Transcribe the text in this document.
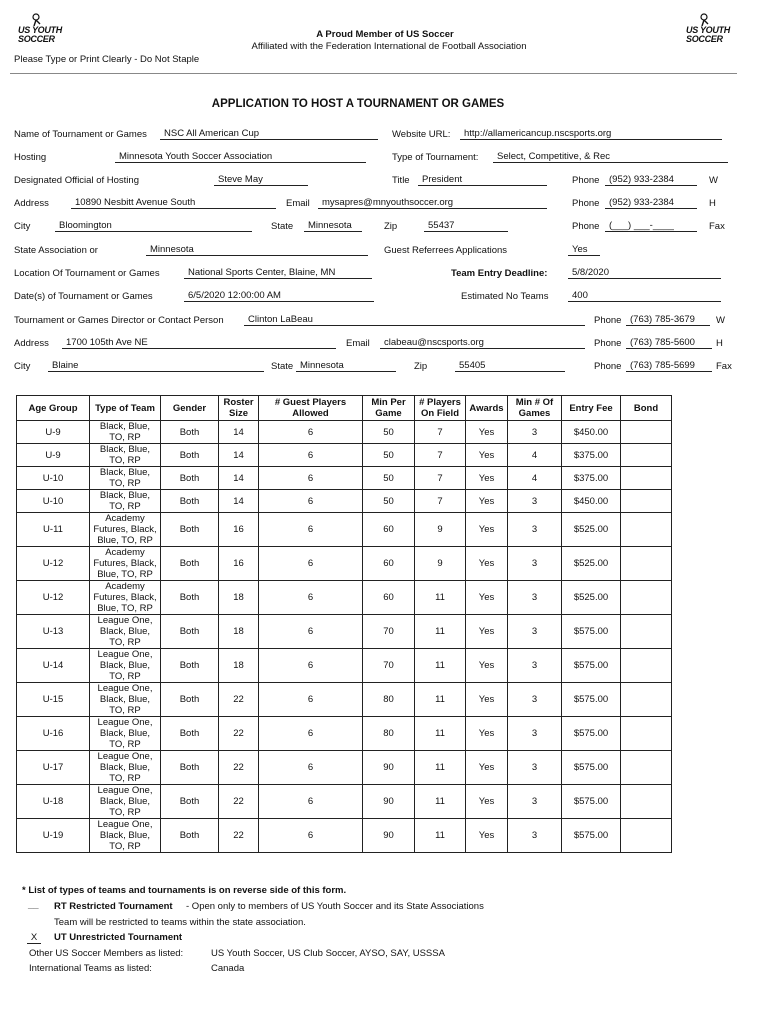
US YOUTH SOCCER
US YOUTH SOCCER
A Proud Member of US Soccer
Affiliated with the Federation International de Football Association
Please Type or Print Clearly - Do Not Staple
APPLICATION TO HOST A TOURNAMENT OR GAMES
Name of Tournament or Games	NSC All American Cup	Website URL:	http://allamericancup.nscsports.org
Hosting	Minnesota Youth Soccer Association	Type of Tournament:	Select, Competitive, & Rec
Designated Official of Hosting	Steve May	Title	President	Phone	(952) 933-2384	W
Address	10890 Nesbitt Avenue South	Email	mysapres@mnyouthsoccer.org	Phone	(952) 933-2384	H
City	Bloomington	State	Minnesota	Zip	55437	Phone	(___) ___-____	Fax
State Association or	Minnesota	Guest Referrees Applications	Yes
Location Of Tournament or Games	National Sports Center, Blaine, MN	Team Entry Deadline:	5/8/2020
Date(s) of Tournament or Games	6/5/2020 12:00:00 AM	Estimated No Teams	400
Tournament or Games Director or Contact Person	Clinton LaBeau	Phone (763) 785-3679	W
Address	1700 105th Ave NE	Email	clabeau@nscsports.org	Phone (763) 785-5600	H
City	Blaine	State Minnesota	Zip	55405	Phone (763) 785-5699	Fax
Age Group	Type of Team	Gender	Roster Size	# Guest Players Allowed	Min Per Game	# Players On Field	Awards	Min # Of Games	Entry Fee	Bond
U-9	Black, Blue, TO, RP	Both	14	6	50	7	Yes	3	$450.00	
U-9	Black, Blue, TO, RP	Both	14	6	50	7	Yes	4	$375.00	
U-10	Black, Blue, TO, RP	Both	14	6	50	7	Yes	4	$375.00	
U-10	Black, Blue, TO, RP	Both	14	6	50	7	Yes	3	$450.00	
U-11	Academy Futures, Black, Blue, TO, RP	Both	16	6	60	9	Yes	3	$525.00	
U-12	Academy Futures, Black, Blue, TO, RP	Both	16	6	60	9	Yes	3	$525.00	
U-12	Academy Futures, Black, Blue, TO, RP	Both	18	6	60	11	Yes	3	$525.00	
U-13	League One, Black, Blue, TO, RP	Both	18	6	70	11	Yes	3	$575.00	
U-14	League One, Black, Blue, TO, RP	Both	18	6	70	11	Yes	3	$575.00	
U-15	League One, Black, Blue, TO, RP	Both	22	6	80	11	Yes	3	$575.00	
U-16	League One, Black, Blue, TO, RP	Both	22	6	80	11	Yes	3	$575.00	
U-17	League One, Black, Blue, TO, RP	Both	22	6	90	11	Yes	3	$575.00	
U-18	League One, Black, Blue, TO, RP	Both	22	6	90	11	Yes	3	$575.00	
U-19	League One, Black, Blue, TO, RP	Both	22	6	90	11	Yes	3	$575.00	
* List of types of teams and tournaments is on reverse side of this form.
__ RT Restricted Tournament - Open only to members of US Youth Soccer and its State Associations
Team will be restricted to teams within the state association.
X	UT Unrestricted Tournament
Other US Soccer Members as listed:	US Youth Soccer, US Club Soccer, AYSO, SAY, USSSA
International Teams as listed:	Canada
